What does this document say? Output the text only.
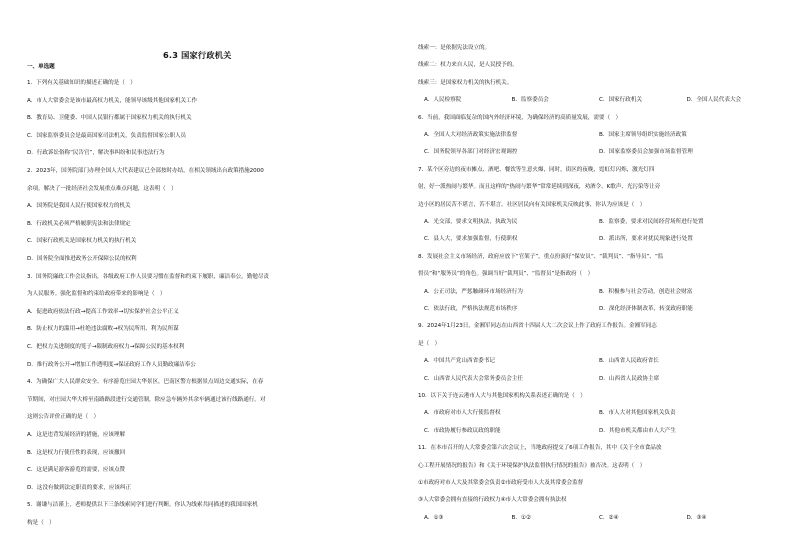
6.3 国家行政机关
一、单选题
1．下列有关基础知识的描述正确的是（　）
A．市人大常委会是该市最高权力机关，能领导该级其他国家机关工作
B．教育局、卫健委、中国人民银行都属于国家权力机关的执行机关
C．国家监察委员会是最高国家司法机关，负责监督国家公职人员
D．行政诉讼俗称“民告官”，解决事纠纷和民事违法行为
2．2023年，国务院部门办理全国人大代表建议已全部按时办结，在相关领域出台政策措施2000
余项，解决了一批经济社会发展重点难点问题，这表明（　）
A．国务院是我国人民行使国家权力的机关
B．行政机关必须严格履职宪法和法律规定
C．国家行政机关是国家权力机关的执行机关
D．国务院全面推进政务公开保障公民的权利
3．国务院廉政工作会议指出，各级政府工作人员要习惯在监督和约束下履职，廉洁奉公，勤勉尽责
为人民服务。强化监督和约束给政府带来的影响是（　）
A．促进政府依法行政→提高工作效率→切实保护社会公平正义
B．防止权力的滥用→杜绝违法腐败→权为民所用、利为民所谋
C．把权力关进制度的笼子→限制政府权力→保障公民的基本权利
D．推行政务公开→增加工作透明度→保证政府工作人员勤政廉洁奉公
4．为确保广大人民群众安全、有序游览庄园大华景区，巴南区警方根据景点周边交通实际，在春
节期间，对庄园大华大桥至南路路段进行交通管制，除应急车辆外其余车辆通过该行线路通行。对
这则公告评价正确的是（　）
A．这是违背发展经济的措施，应该理解
B．这是权力行使任性的表现，应该撤回
C．这是满足游客游览的需要，应该点赞
D．这没有做到法定职责的要求，应该纠正
5．谢谦与洁谨上，老师提供以下三条线索同学们进行判断。你认为线索共同描述的我国国家机
构是（　）
线索一：是依据宪法设立的。
线索二：权力来自人民，是人民授予的。
线索三：是国家权力机关的执行机关。
A．人民检察院	B．监察委员会	C．国家行政机关	D．全国人民代表大会
6．当前，我国面临复杂的国内外经济环境，为确保经济的高质量发展，需要（　）
A．全国人大对经济政策实施法律监督	B．国家主席领导组织实施经济政策
C．国务院领导各部门对经济宏观调控	D．国家监察委员会加强市场监督管理
7．某个区旁边的夜市摊点、酒吧、餐饮等生意火爆，同时，街区的夜晚，霓虹灯闪烁，激光灯四
射，好一派热闹与繁华。而且这样的“热闹与繁华”常常延续到深夜，劝酒令、K歌声、光污染等让旁
边小区的居民苦不堪言，苦不堪言，社区居民向有关国家机关反映此事，你认为应该是（　）
A．光交部，要求文明执法，执政为民	B．监察委，要求对民间经营场所进行处置
C．县人大，要求加强监督，行使职权	D．派出所，要求对扰民现象进行处置
8．发展社会主义市场经济，政府应放下“官架子”，重点扮演好“保安员”、“裁判员”、“指导员”、“监
督员”和“服务员”的角色。强调当好“裁判员”、“监督员”是指政府（　）
A．公正司法，严惩触碰环市场经济行为	B．积极参与社会劳动，创造社会财富
C．依法行政，严格执法规范市场秩序	D．深化经济体制改革，转变政府职能
9．2024年1月23日，金湘军同志在山西省十四届人大二次会议上作了政府工作报告。金湘军同志
是（　）
A．中国共产党山西省委书记	B．山西省人民政府省长
C．山西省人民代表大会常务委员会主任	D．山西省人民政协主席
10．以下关于连云港市人大与其他国家机构关系表述正确的是（　）
A．市政府对市人大行使监督权	B．市人大对其他国家机关负责
C．市政协履行参政议政的职能	D．其他市机关都由市人大产生
11．在本市召开的人大常委会第六次会议上，当地政府提交了6项工作报告，其中《关于全市食品放
心工程开展情况的报告》和《关于环境保护执法监督执行情况的报告》被否决。这表明（　）
①市政府对市人大及其常委会负责②市政府受市人大及其常委会监督
③人大常委会拥有直接的行政权力④市人大常委会拥有执法权
A．①③	B．①②	C．②④	D．③④
